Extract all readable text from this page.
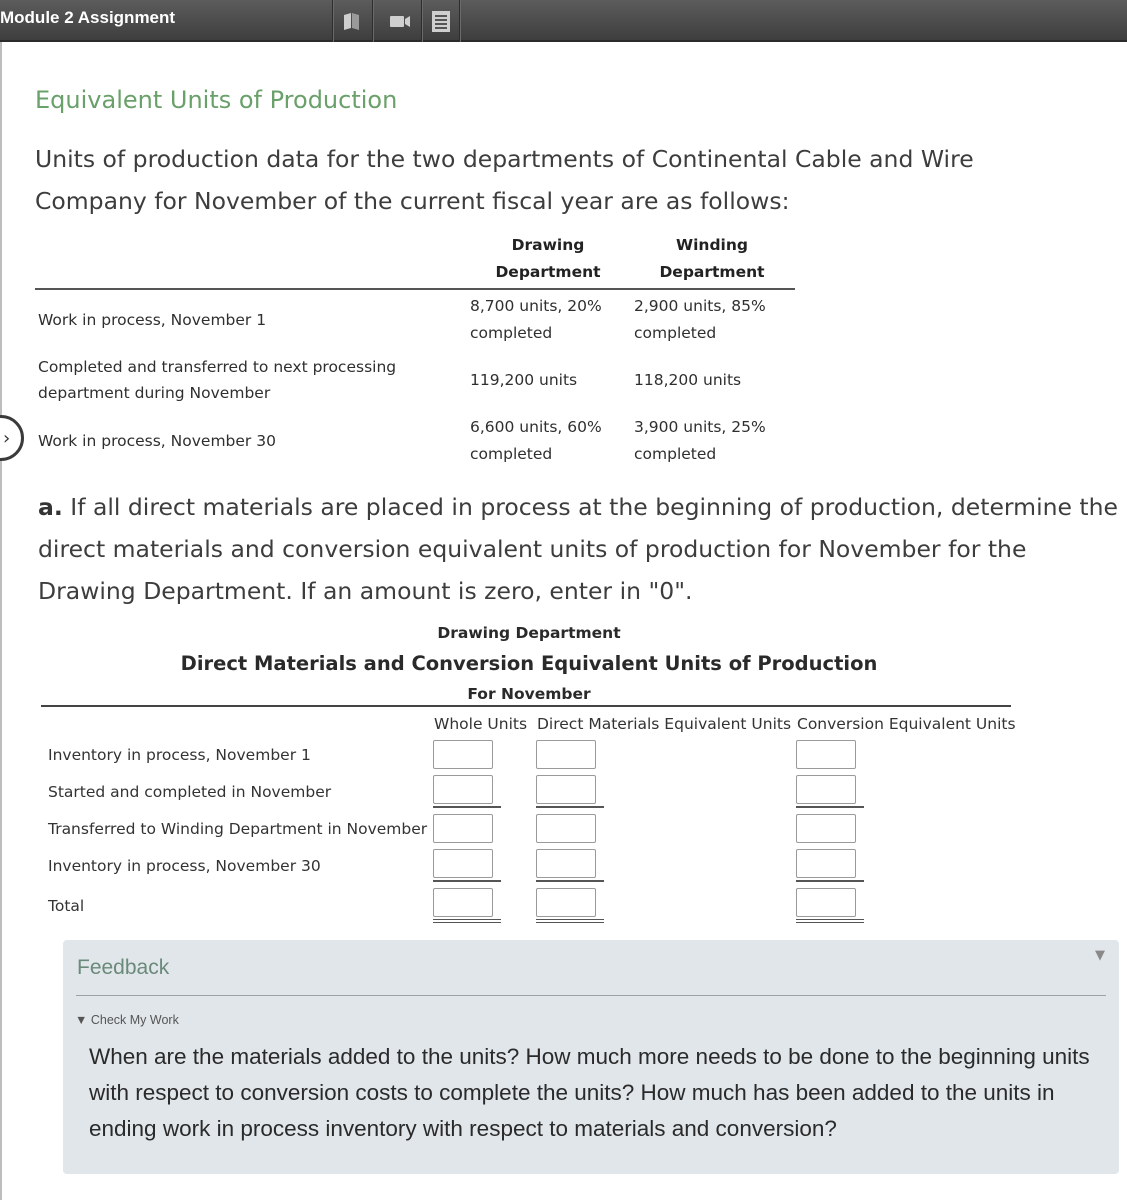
Module 2 Assignment
Equivalent Units of Production
Units of production data for the two departments of Continental Cable and Wire Company for November of the current fiscal year are as follows:
Drawing
Department
Winding
Department
Work in process, November 1
8,700 units, 20%
completed
2,900 units, 85%
completed
Completed and transferred to next processing
department during November
119,200 units	118,200 units
Work in process, November 30
6,600 units, 60%
completed
3,900 units, 25%
completed
›
a. If all direct materials are placed in process at the beginning of production, determine the direct materials and conversion equivalent units of production for November for the Drawing Department. If an amount is zero, enter in "0".
Drawing Department
Direct Materials and Conversion Equivalent Units of Production
For November
Whole Units Direct Materials Equivalent Units Conversion Equivalent Units
Inventory in process, November 1
Started and completed in November
Transferred to Winding Department in November
Inventory in process, November 30
Total
Feedback
▼
▼ Check My Work
When are the materials added to the units? How much more needs to be done to the beginning units with respect to conversion costs to complete the units? How much has been added to the units in ending work in process inventory with respect to materials and conversion?
